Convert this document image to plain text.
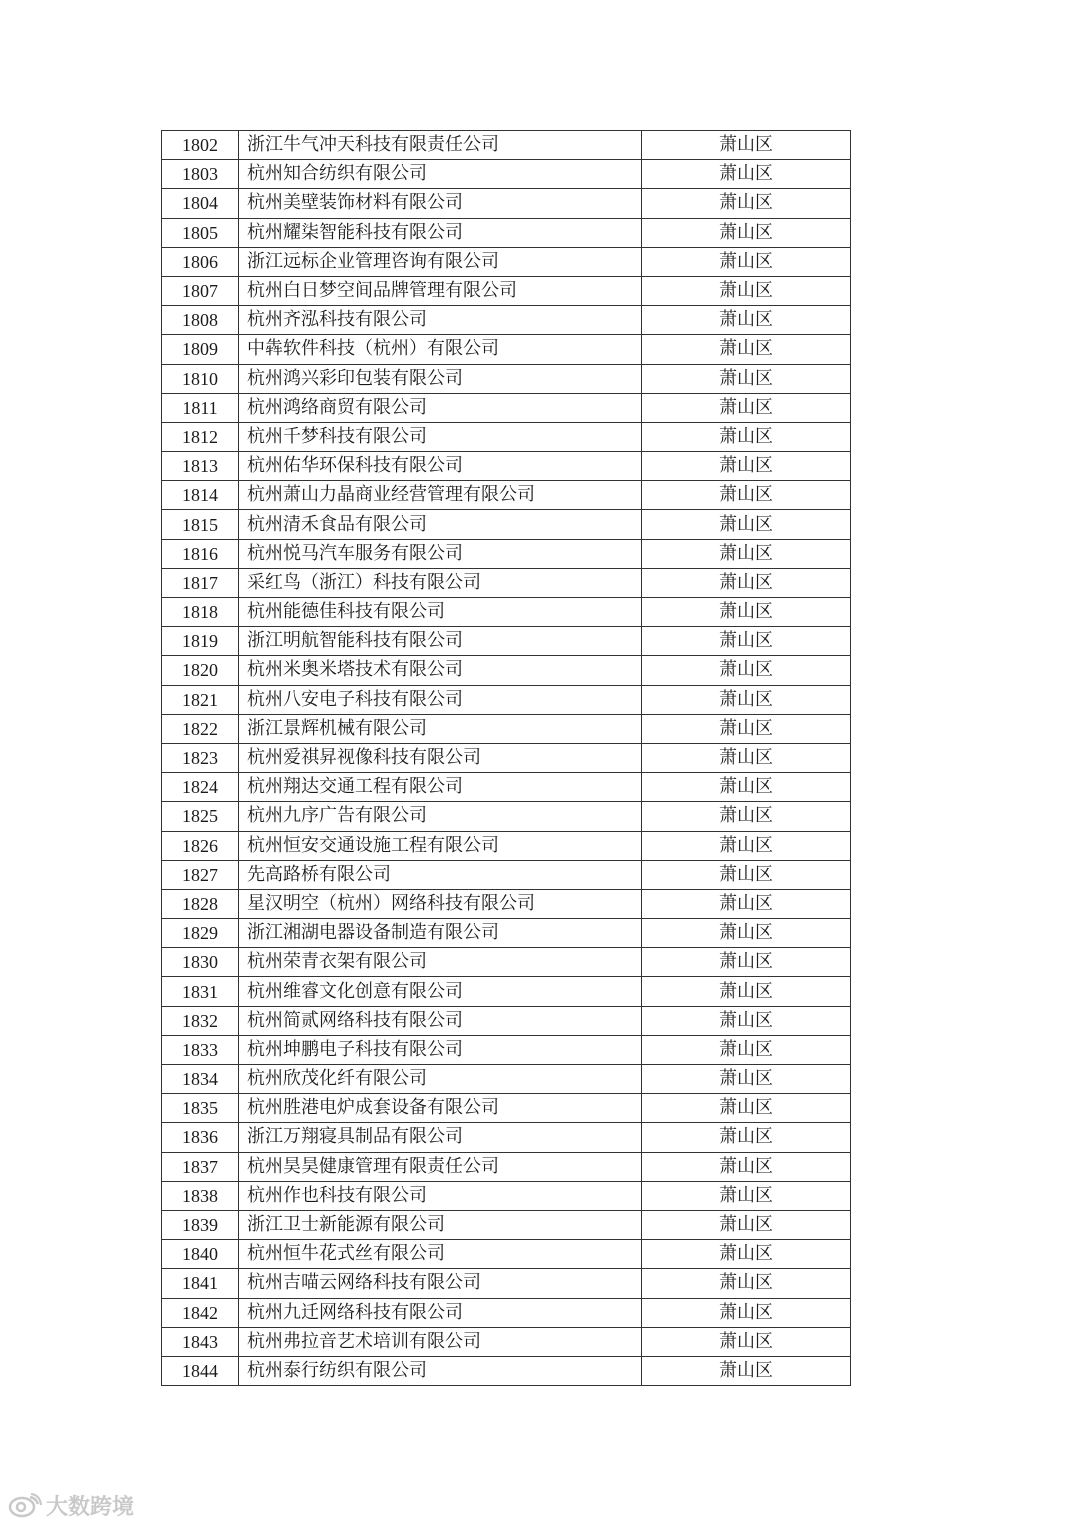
1802	浙江牛气冲天科技有限责任公司	萧山区
1803	杭州知合纺织有限公司	萧山区
1804	杭州美壁装饰材料有限公司	萧山区
1805	杭州耀柒智能科技有限公司	萧山区
1806	浙江远标企业管理咨询有限公司	萧山区
1807	杭州白日梦空间品牌管理有限公司	萧山区
1808	杭州齐泓科技有限公司	萧山区
1809	中犇软件科技（杭州）有限公司	萧山区
1810	杭州鸿兴彩印包装有限公司	萧山区
1811	杭州鸿络商贸有限公司	萧山区
1812	杭州千梦科技有限公司	萧山区
1813	杭州佑华环保科技有限公司	萧山区
1814	杭州萧山力晶商业经营管理有限公司	萧山区
1815	杭州清禾食品有限公司	萧山区
1816	杭州悦马汽车服务有限公司	萧山区
1817	采红鸟（浙江）科技有限公司	萧山区
1818	杭州能德佳科技有限公司	萧山区
1819	浙江明航智能科技有限公司	萧山区
1820	杭州米奥米塔技术有限公司	萧山区
1821	杭州八安电子科技有限公司	萧山区
1822	浙江景辉机械有限公司	萧山区
1823	杭州爱祺昇视像科技有限公司	萧山区
1824	杭州翔达交通工程有限公司	萧山区
1825	杭州九序广告有限公司	萧山区
1826	杭州恒安交通设施工程有限公司	萧山区
1827	先高路桥有限公司	萧山区
1828	星汉明空（杭州）网络科技有限公司	萧山区
1829	浙江湘湖电器设备制造有限公司	萧山区
1830	杭州荣青衣架有限公司	萧山区
1831	杭州维睿文化创意有限公司	萧山区
1832	杭州简贰网络科技有限公司	萧山区
1833	杭州坤鹏电子科技有限公司	萧山区
1834	杭州欣茂化纤有限公司	萧山区
1835	杭州胜港电炉成套设备有限公司	萧山区
1836	浙江万翔寝具制品有限公司	萧山区
1837	杭州昊昊健康管理有限责任公司	萧山区
1838	杭州作也科技有限公司	萧山区
1839	浙江卫士新能源有限公司	萧山区
1840	杭州恒牛花式丝有限公司	萧山区
1841	杭州吉喵云网络科技有限公司	萧山区
1842	杭州九迁网络科技有限公司	萧山区
1843	杭州弗拉音艺术培训有限公司	萧山区
1844	杭州泰行纺织有限公司	萧山区
大数跨境
